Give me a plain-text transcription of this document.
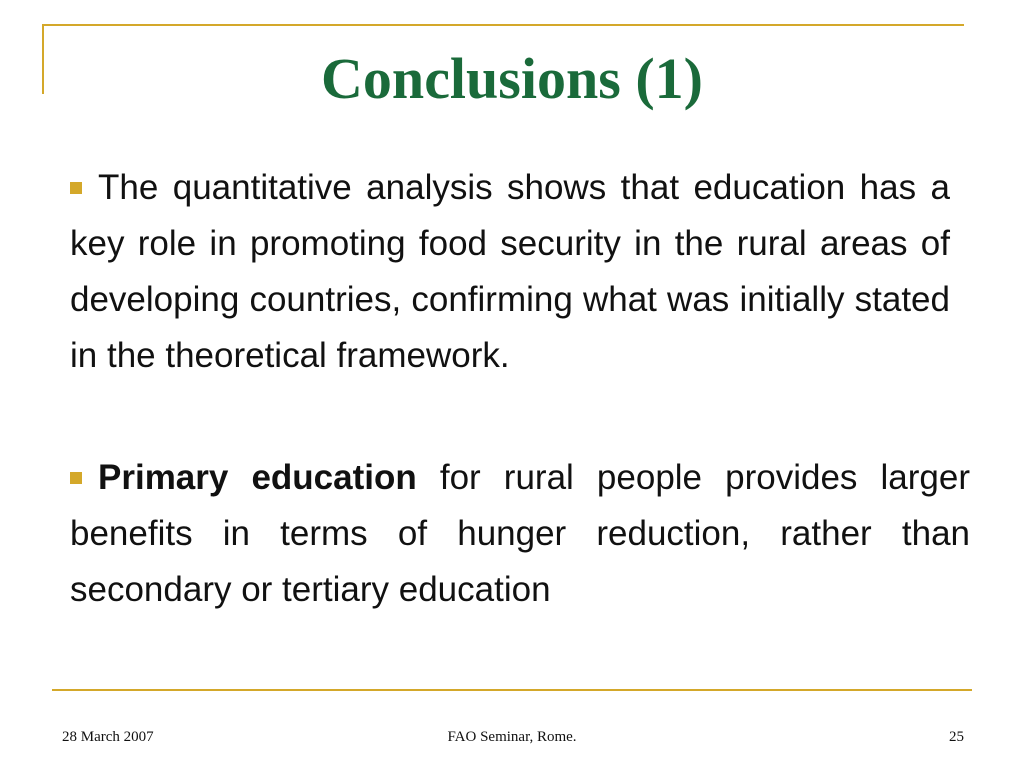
Conclusions (1)
The quantitative analysis shows that education has a key role in promoting food security in the rural areas of developing countries, confirming what was initially stated in the theoretical framework.
Primary education for rural people provides larger benefits in terms of hunger reduction, rather than secondary or tertiary education
28 March 2007	FAO Seminar, Rome.	25
